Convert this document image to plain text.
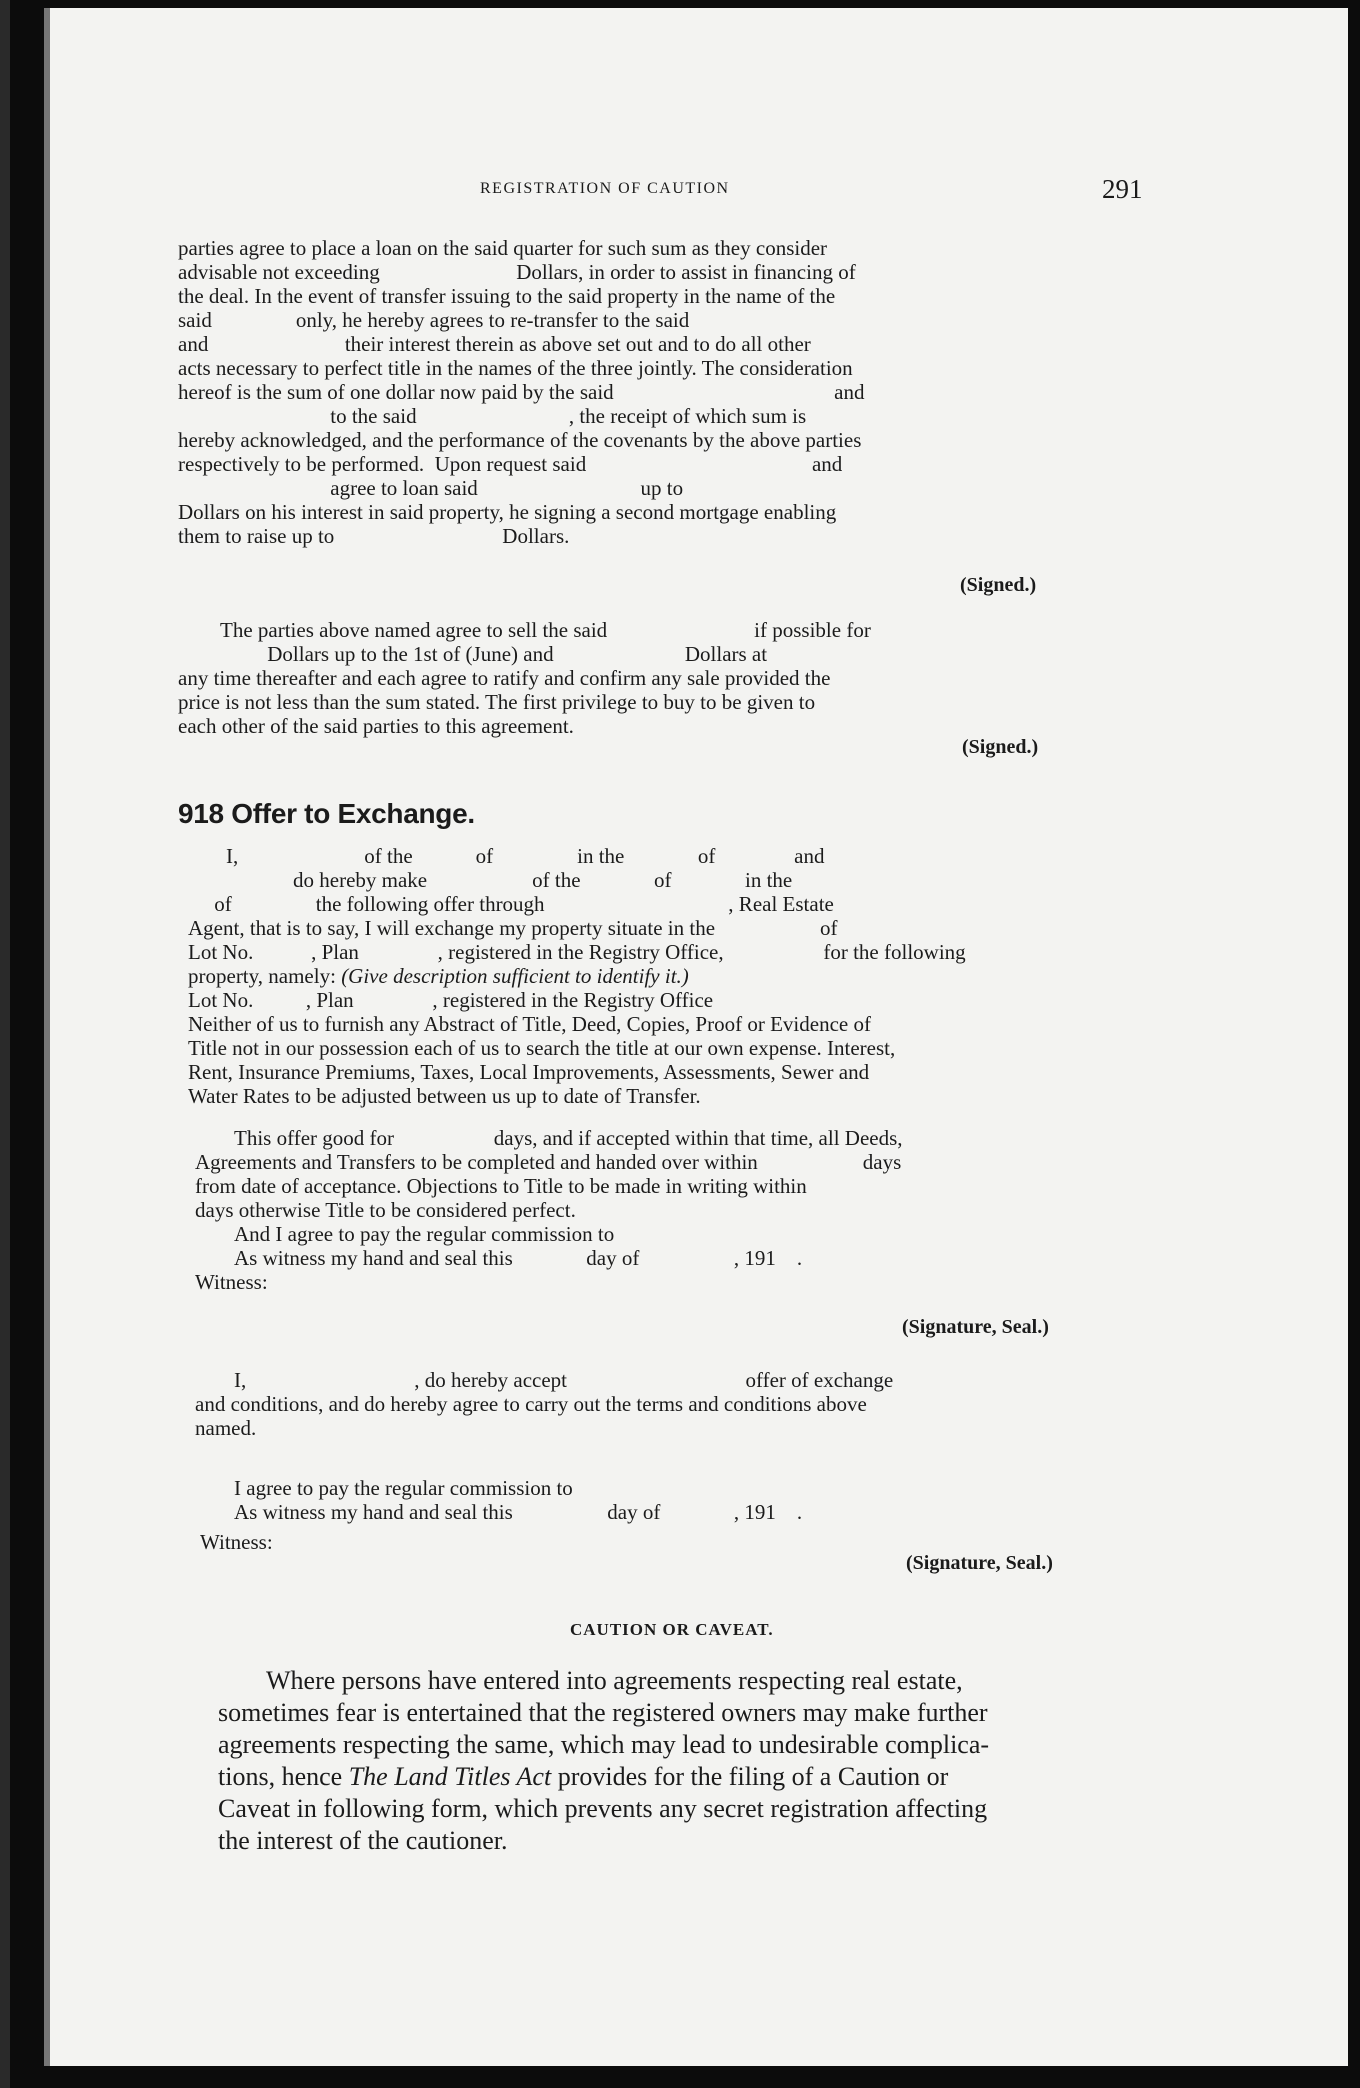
REGISTRATION OF CAUTION	291
parties agree to place a loan on the said quarter for such sum as they consider
advisable not exceeding                          Dollars, in order to assist in financing of
the deal. In the event of transfer issuing to the said property in the name of the
said                only, he hereby agrees to re-transfer to the said
and                          their interest therein as above set out and to do all other
acts necessary to perfect title in the names of the three jointly. The consideration
hereof is the sum of one dollar now paid by the said                                          and
to the said                             , the receipt of which sum is
hereby acknowledged, and the performance of the covenants by the above parties
respectively to be performed.  Upon request said                                           and
agree to loan said                               up to
Dollars on his interest in said property, he signing a second mortgage enabling
them to raise up to                                Dollars.
(Signed.)
The parties above named agree to sell the said                            if possible for
Dollars up to the 1st of (June) and                         Dollars at
any time thereafter and each agree to ratify and confirm any sale provided the
price is not less than the sum stated. The first privilege to buy to be given to
each other of the said parties to this agreement.
(Signed.)
918 Offer to Exchange.
I,                        of the            of                in the              of               and
do hereby make                    of the              of              in the
of                the following offer through                                   , Real Estate
Agent, that is to say, I will exchange my property situate in the                    of
Lot No.           , Plan               , registered in the Registry Office,                   for the following
property, namely: (Give description sufficient to identify it.)
Lot No.          , Plan               , registered in the Registry Office
Neither of us to furnish any Abstract of Title, Deed, Copies, Proof or Evidence of
Title not in our possession each of us to search the title at our own expense. Interest,
Rent, Insurance Premiums, Taxes, Local Improvements, Assessments, Sewer and
Water Rates to be adjusted between us up to date of Transfer.
This offer good for                   days, and if accepted within that time, all Deeds,
Agreements and Transfers to be completed and handed over within                    days
from date of acceptance. Objections to Title to be made in writing within
days otherwise Title to be considered perfect.
And I agree to pay the regular commission to
As witness my hand and seal this              day of                  , 191    .
Witness:
(Signature, Seal.)
I,                                , do hereby accept                                  offer of exchange
and conditions, and do hereby agree to carry out the terms and conditions above
named.
I agree to pay the regular commission to
As witness my hand and seal this                  day of              , 191    .
Witness:
(Signature, Seal.)
CAUTION OR CAVEAT.
Where persons have entered into agreements respecting real estate,
sometimes fear is entertained that the registered owners may make further
agreements respecting the same, which may lead to undesirable complica-
tions, hence The Land Titles Act provides for the filing of a Caution or
Caveat in following form, which prevents any secret registration affecting
the interest of the cautioner.
